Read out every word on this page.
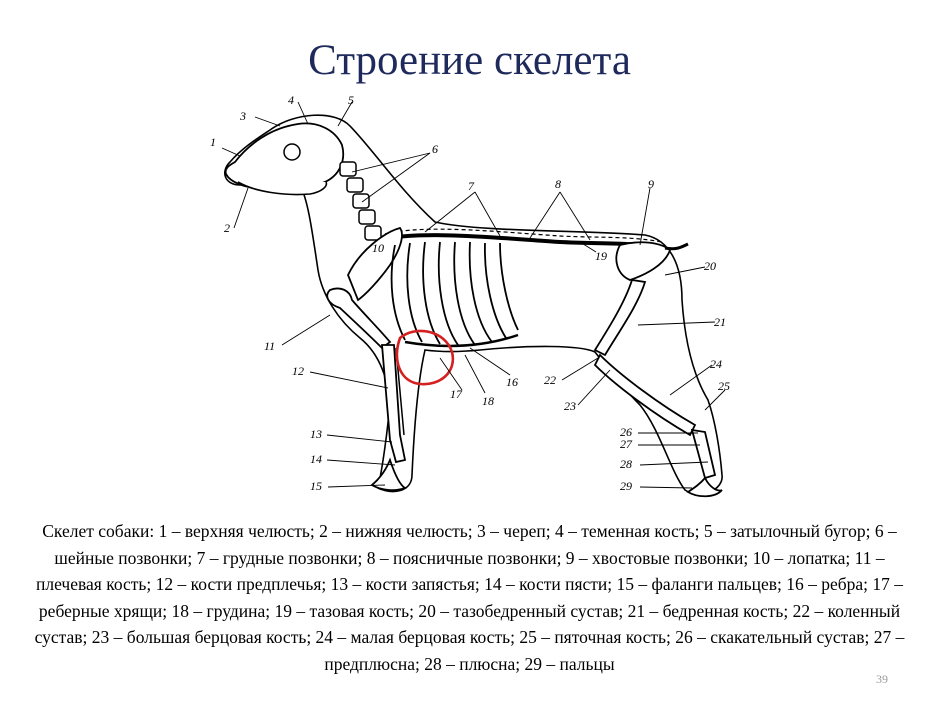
Строение скелета
1
2
3
4	5
6
7	8	9
10
11
12
13
14
15
16
17 18
19
20
21
22
23
24
25
26
27
28
29
Скелет собаки: 1 – верхняя челюсть; 2 – нижняя челюсть; 3 – череп; 4 – теменная кость; 5 – затылочный бугор; 6 – шейные позвонки; 7 – грудные позвонки; 8 – поясничные позвонки; 9 – хвостовые позвонки; 10 – лопатка; 11 – плечевая кость; 12 – кости предплечья; 13 – кости запястья; 14 – кости пясти; 15 – фаланги пальцев; 16 – ребра; 17 – реберные хрящи; 18 – грудина; 19 – тазовая кость; 20 – тазобедренный сустав; 21 – бедренная кость; 22 – коленный сустав; 23 – большая берцовая кость; 24 – малая берцовая кость; 25 – пяточная кость; 26 – скакательный сустав; 27 – предплюсна; 28 – плюсна; 29 – пальцы
39
